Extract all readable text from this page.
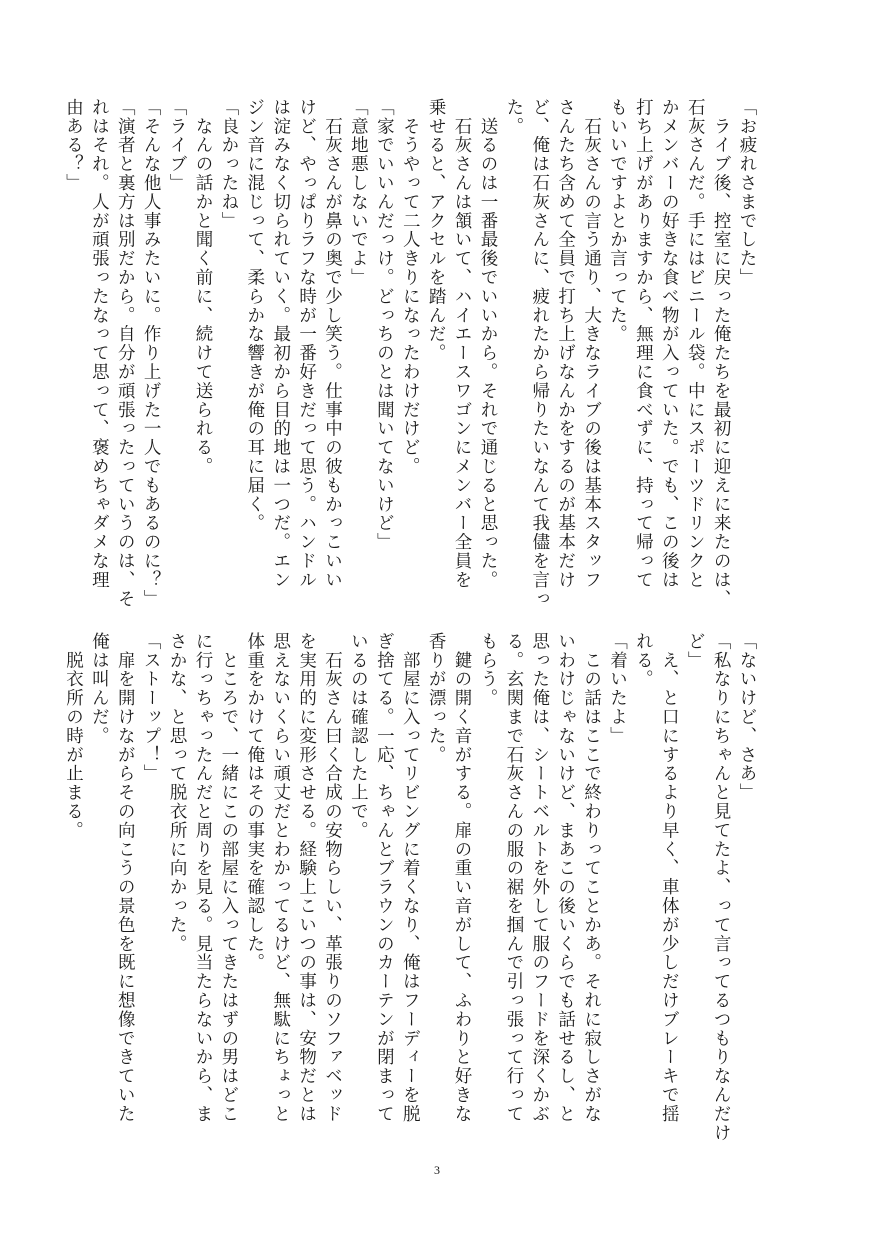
「お疲れさまでした」
　ライブ後、控室に戻った俺たちを最初に迎えに来たのは、
石灰さんだ。手にはビニール袋。中にスポーツドリンクと
かメンバーの好きな食べ物が入っていた。でも、この後は
打ち上げがありますから、無理に食べずに、持って帰って
もいいですよとか言ってた。
　石灰さんの言う通り、大きなライブの後は基本スタッフ
さんたち含めて全員で打ち上げなんかをするのが基本だけ
ど、俺は石灰さんに、疲れたから帰りたいなんて我儘を言っ
た。
　送るのは一番最後でいいから。それで通じると思った。
　石灰さんは頷いて、ハイエースワゴンにメンバー全員を
乗せると、アクセルを踏んだ。
　そうやって二人きりになったわけだけど。
「家でいいんだっけ。どっちのとは聞いてないけど」
「意地悪しないでよ」
　石灰さんが鼻の奥で少し笑う。仕事中の彼もかっこいい
けど、やっぱりラフな時が一番好きだって思う。ハンドル
は淀みなく切られていく。最初から目的地は一つだ。エン
ジン音に混じって、柔らかな響きが俺の耳に届く。
「良かったね」
　なんの話かと聞く前に、続けて送られる。
「ライブ」
「そんな他人事みたいに。作り上げた一人でもあるのに？」
「演者と裏方は別だから。自分が頑張ったっていうのは、そ
れはそれ。人が頑張ったなって思って、褒めちゃダメな理
由ある？」
「ないけど、さあ」
「私なりにちゃんと見てたよ、って言ってるつもりなんだけ
ど」
　え、と口にするより早く、車体が少しだけブレーキで揺
れる。
「着いたよ」
　この話はここで終わりってことかあ。それに寂しさがな
いわけじゃないけど、まあこの後いくらでも話せるし、と
思った俺は、シートベルトを外して服のフードを深くかぶ
る。玄関まで石灰さんの服の裾を掴んで引っ張って行って
もらう。
　鍵の開く音がする。扉の重い音がして、ふわりと好きな
香りが漂った。
　部屋に入ってリビングに着くなり、俺はフーディーを脱
ぎ捨てる。一応、ちゃんとブラウンのカーテンが閉まって
いるのは確認した上で。
　石灰さん曰く合成の安物らしい、革張りのソファベッド
を実用的に変形させる。経験上こいつの事は、安物だとは
思えないくらい頑丈だとわかってるけど、無駄にちょっと
体重をかけて俺はその事実を確認した。
　ところで、一緒にこの部屋に入ってきたはずの男はどこ
に行っちゃったんだと周りを見る。見当たらないから、ま
さかな、と思って脱衣所に向かった。
「ストーップ！」
　扉を開けながらその向こうの景色を既に想像できていた
俺は叫んだ。
　脱衣所の時が止まる。
3
